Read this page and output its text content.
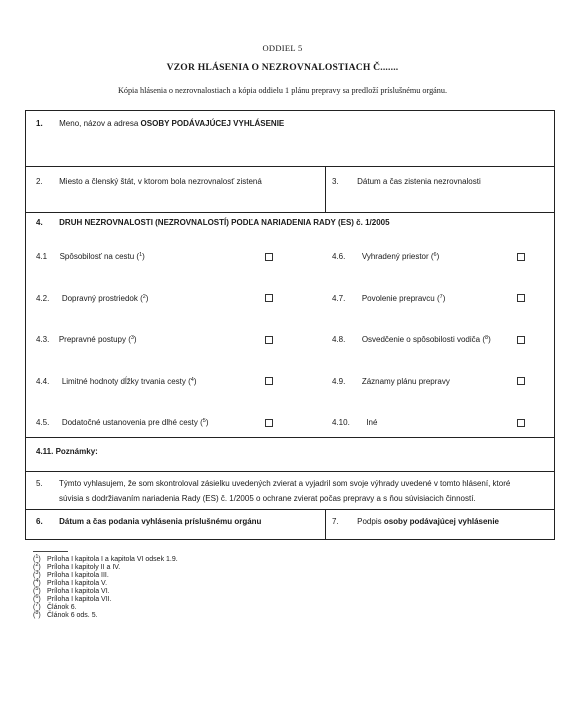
ODDIEL 5
VZOR HLÁSENIA O NEZROVNALOSTIACH Č.......
Kópia hlásenia o nezrovnalostiach a kópia oddielu 1 plánu prepravy sa predloží príslušnému orgánu.
1. Meno, názov a adresa OSOBY PODÁVAJÚCEJ VYHLÁSENIE
2. Miesto a členský štát, v ktorom bola nezrovnalosť zistená	3. Dátum a čas zistenia nezrovnalosti
4. DRUH NEZROVNALOSTI (NEZROVNALOSTÍ) PODĽA NARIADENIA RADY (ES) č. 1/2005
4.1 Spôsobilosť na cestu ($^1$)
4.2. Dopravný prostriedok ($^2$)
4.3. Prepravné postupy ($^3$)
4.4. Limitné hodnoty dĺžky trvania cesty ($^4$)
4.5. Dodatočné ustanovenia pre dlhé cesty ($^5$)
4.6. Vyhradený priestor ($^6$)
4.7. Povolenie prepravcu ($^7$)
4.8. Osvedčenie o spôsobilosti vodiča ($^8$)
4.9. Záznamy plánu prepravy
4.10. Iné
4.11. Poznámky:
5. Týmto vyhlasujem, že som skontroloval zásielku uvedených zvierat a vyjadril som svoje výhrady uvedené v tomto hlásení, ktoré
súvisia s dodržiavaním nariadenia Rady (ES) č. 1/2005 o ochrane zvierat počas prepravy a s ňou súvisiacich činností.
6. Dátum a čas podania vyhlásenia príslušnému orgánu	7. Podpis osoby podávajúcej vyhlásenie
($^1$) Príloha I kapitola I a kapitola VI odsek 1.9.
($^2$) Príloha I kapitoly II a IV.
($^3$) Príloha I kapitola III.
($^4$) Príloha I kapitola V.
($^5$) Príloha I kapitola VI.
($^6$) Príloha I kapitola VII.
($^7$) Článok 6.
($^8$) Článok 6 ods. 5.
